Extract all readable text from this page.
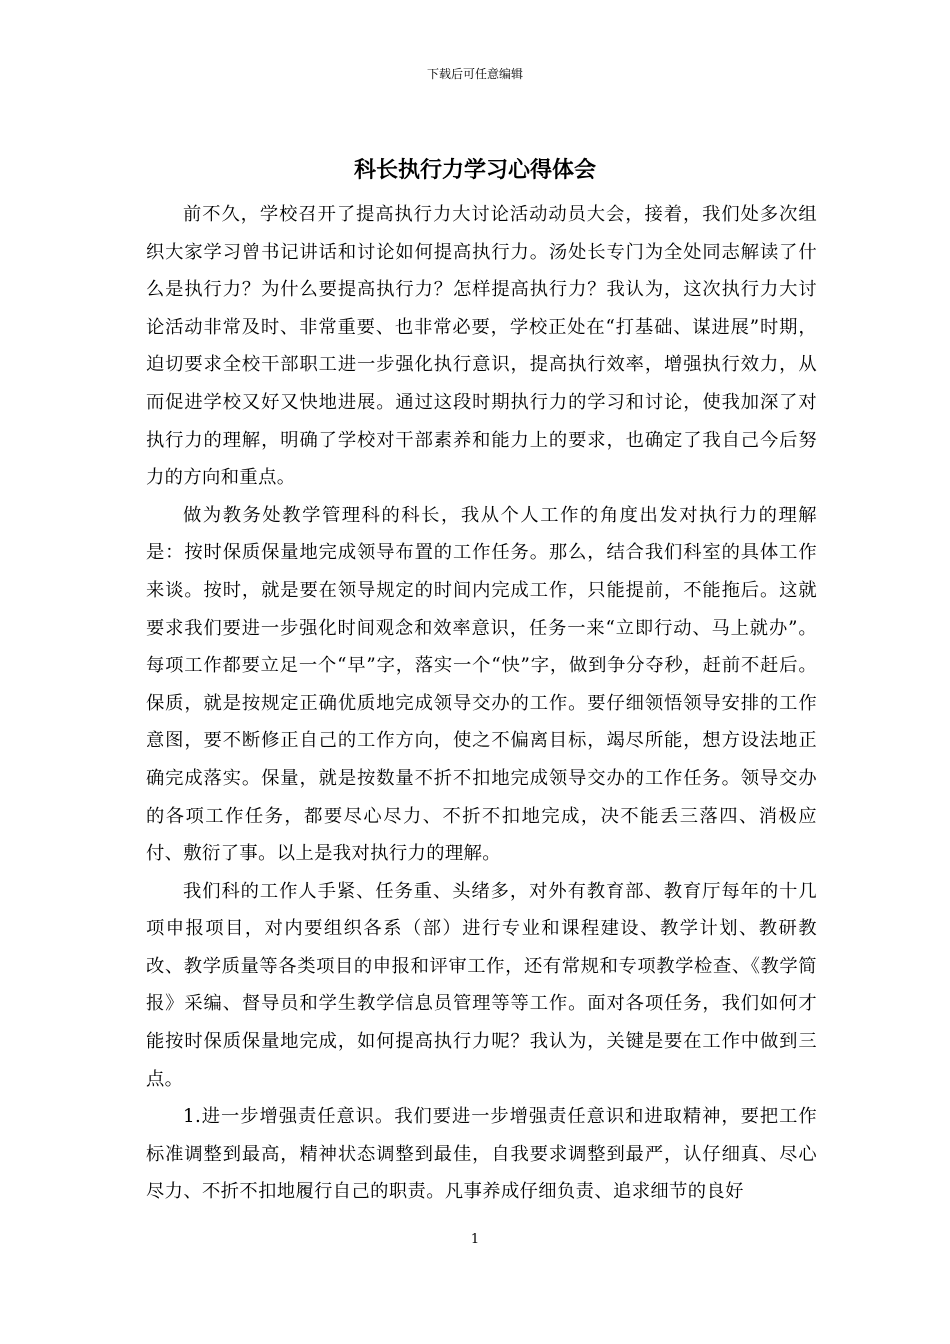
下载后可任意编辑
科长执行力学习心得体会

前不久，学校召开了提高执行力大讨论活动动员大会，接着，我们处多次组织大家学习曾书记讲话和讨论如何提高执行力。汤处长专门为全处同志解读了什么是执行力？为什么要提高执行力？怎样提高执行力？我认为，这次执行力大讨论活动非常及时、非常重要、也非常必要，学校正处在“打基础、谋进展”时期，迫切要求全校干部职工进一步强化执行意识，提高执行效率，增强执行效力，从而促进学校又好又快地进展。通过这段时期执行力的学习和讨论，使我加深了对执行力的理解，明确了学校对干部素养和能力上的要求，也确定了我自己今后努力的方向和重点。

做为教务处教学管理科的科长，我从个人工作的角度出发对执行力的理解是：按时保质保量地完成领导布置的工作任务。那么，结合我们科室的具体工作来谈。按时，就是要在领导规定的时间内完成工作，只能提前，不能拖后。这就要求我们要进一步强化时间观念和效率意识，任务一来“立即行动、马上就办”。每项工作都要立足一个“早”字，落实一个“快”字，做到争分夺秒，赶前不赶后。保质，就是按规定正确优质地完成领导交办的工作。要仔细领悟领导安排的工作意图，要不断修正自己的工作方向，使之不偏离目标，竭尽所能，想方设法地正确完成落实。保量，就是按数量不折不扣地完成领导交办的工作任务。领导交办的各项工作任务，都要尽心尽力、不折不扣地完成，决不能丢三落四、消极应付、敷衍了事。以上是我对执行力的理解。

我们科的工作人手紧、任务重、头绪多，对外有教育部、教育厅每年的十几项申报项目，对内要组织各系（部）进行专业和课程建设、教学计划、教研教改、教学质量等各类项目的申报和评审工作，还有常规和专项教学检查、《教学简报》采编、督导员和学生教学信息员管理等等工作。面对各项任务，我们如何才能按时保质保量地完成，如何提高执行力呢？我认为，关键是要在工作中做到三点。

1.进一步增强责任意识。我们要进一步增强责任意识和进取精神，要把工作标准调整到最高，精神状态调整到最佳，自我要求调整到最严，认仔细真、尽心尽力、不折不扣地履行自己的职责。凡事养成仔细负责、追求细节的良好

1
